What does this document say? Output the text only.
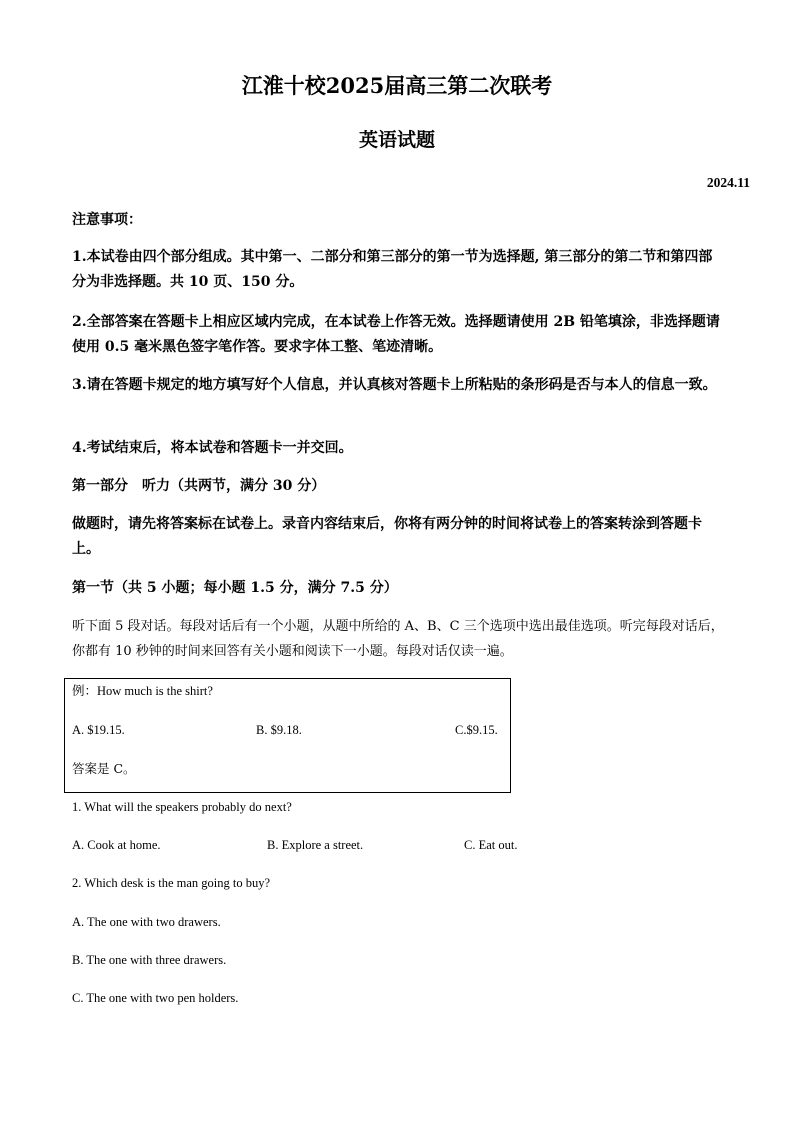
江淮十校2025届高三第二次联考
英语试题
2024.11
注意事项：
1.本试卷由四个部分组成。其中第一、二部分和第三部分的第一节为选择题, 第三部分的第二节和第四部分为非选择题。共 10 页、150 分。
2.全部答案在答题卡上相应区域内完成，在本试卷上作答无效。选择题请使用 2B 铅笔填涂，非选择题请使用 0.5 毫米黑色签字笔作答。要求字体工整、笔迹清晰。
3.请在答题卡规定的地方填写好个人信息，并认真核对答题卡上所粘贴的条形码是否与本人的信息一致。
4.考试结束后，将本试卷和答题卡一并交回。
第一部分　听力（共两节，满分 30 分）
做题时，请先将答案标在试卷上。录音内容结束后，你将有两分钟的时间将试卷上的答案转涂到答题卡上。
第一节（共 5 小题；每小题 1.5 分，满分 7.5 分）
听下面 5 段对话。每段对话后有一个小题，从题中所给的 A、B、C 三个选项中选出最佳选项。听完每段对话后，你都有 10 秒钟的时间来回答有关小题和阅读下一小题。每段对话仅读一遍。
例：How much is the shirt?
A. $19.15.	B. $9.18.	C.$9.15.
答案是 C。
1. What will the speakers probably do next?
A. Cook at home.	B. Explore a street.	C. Eat out.
2. Which desk is the man going to buy?
A. The one with two drawers.
B. The one with three drawers.
C. The one with two pen holders.
